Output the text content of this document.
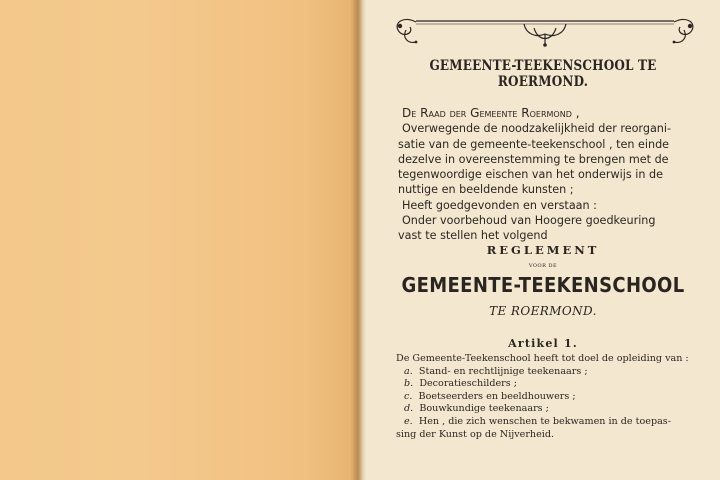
GEMEENTE-TEEKENSCHOOL TE ROERMOND.
De Raad der Gemeente Roermond ,
Overwegende de noodzakelijkheid der reorgani-
satie van de gemeente-teekenschool , ten einde
dezelve in overeenstemming te brengen met de
tegenwoordige eischen van het onderwijs in de
nuttige en beeldende kunsten ;
Heeft goedgevonden en verstaan :
Onder voorbehoud van Hoogere goedkeuring
vast te stellen het volgend
REGLEMENT
VOOR DE
GEMEENTE-TEEKENSCHOOL
TE ROERMOND.
Artikel 1.
De Gemeente-Teekenschool heeft tot doel de opleiding van :
a. Stand- en rechtlijnige teekenaars ;
b. Decoratieschilders ;
c. Boetseerders en beeldhouwers ;
d. Bouwkundige teekenaars ;
e. Hen , die zich wenschen te bekwamen in de toepas-
sing der Kunst op de Nijverheid.
